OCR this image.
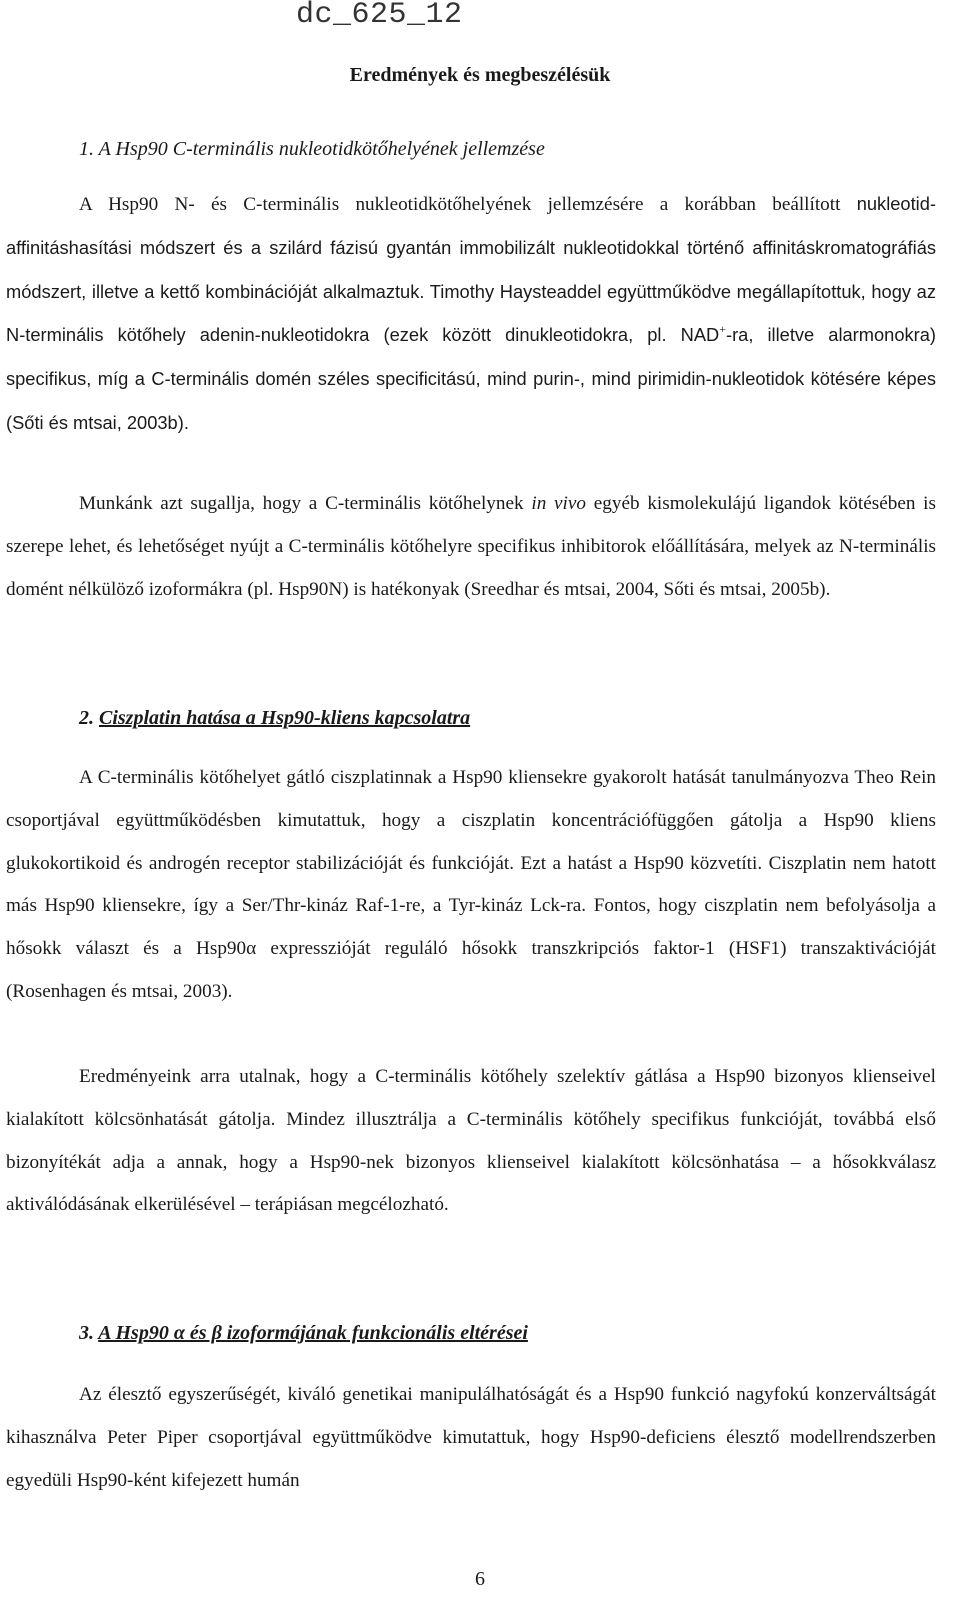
dc_625_12
Eredmények és megbeszélésük
1. A Hsp90 C-terminális nukleotidkötőhelyének jellemzése

A Hsp90 N- és C-terminális nukleotidkötőhelyének jellemzésére a korábban beállított nukleotid-affinitáshasítási módszert és a szilárd fázisú gyantán immobilizált nukleotidokkal történő affinitáskromatográfiás módszert, illetve a kettő kombinációját alkalmaztuk. Timothy Haysteaddel együttműködve megállapítottuk, hogy az N-terminális kötőhely adenin-nukleotidokra (ezek között dinukleotidokra, pl. NAD+-ra, illetve alarmonokra) specifikus, míg a C-terminális domén széles specificitású, mind purin-, mind pirimidin-nukleotidok kötésére képes (Sőti és mtsai, 2003b).

Munkánk azt sugallja, hogy a C-terminális kötőhelynek in vivo egyéb kismolekulájú ligandok kötésében is szerepe lehet, és lehetőséget nyújt a C-terminális kötőhelyre specifikus inhibitorok előállítására, melyek az N-terminális domént nélkülöző izoformákra (pl. Hsp90N) is hatékonyak (Sreedhar és mtsai, 2004, Sőti és mtsai, 2005b).

2. Ciszplatin hatása a Hsp90-kliens kapcsolatra

A C-terminális kötőhelyet gátló ciszplatinnak a Hsp90 kliensekre gyakorolt hatását tanulmányozva Theo Rein csoportjával együttműködésben kimutattuk, hogy a ciszplatin koncentrációfüggően gátolja a Hsp90 kliens glukokortikoid és androgén receptor stabilizációját és funkcióját. Ezt a hatást a Hsp90 közvetíti. Ciszplatin nem hatott más Hsp90 kliensekre, így a Ser/Thr-kináz Raf-1-re, a Tyr-kináz Lck-ra. Fontos, hogy ciszplatin nem befolyásolja a hősokk választ és a Hsp90α expresszióját reguláló hősokk transzkripciós faktor-1 (HSF1) transzaktivációját (Rosenhagen és mtsai, 2003).

Eredményeink arra utalnak, hogy a C-terminális kötőhely szelektív gátlása a Hsp90 bizonyos klienseivel kialakított kölcsönhatását gátolja. Mindez illusztrálja a C-terminális kötőhely specifikus funkcióját, továbbá első bizonyítékát adja a annak, hogy a Hsp90-nek bizonyos klienseivel kialakított kölcsönhatása – a hősokkválasz aktiválódásának elkerülésével – terápiásan megcélozható.

3. A Hsp90 α és β izoformájának funkcionális eltérései

Az élesztő egyszerűségét, kiváló genetikai manipulálhatóságát és a Hsp90 funkció nagyfokú konzerváltságát kihasználva Peter Piper csoportjával együttműködve kimutattuk, hogy Hsp90-deficiens élesztő modellrendszerben egyedüli Hsp90-ként kifejezett humán

6
